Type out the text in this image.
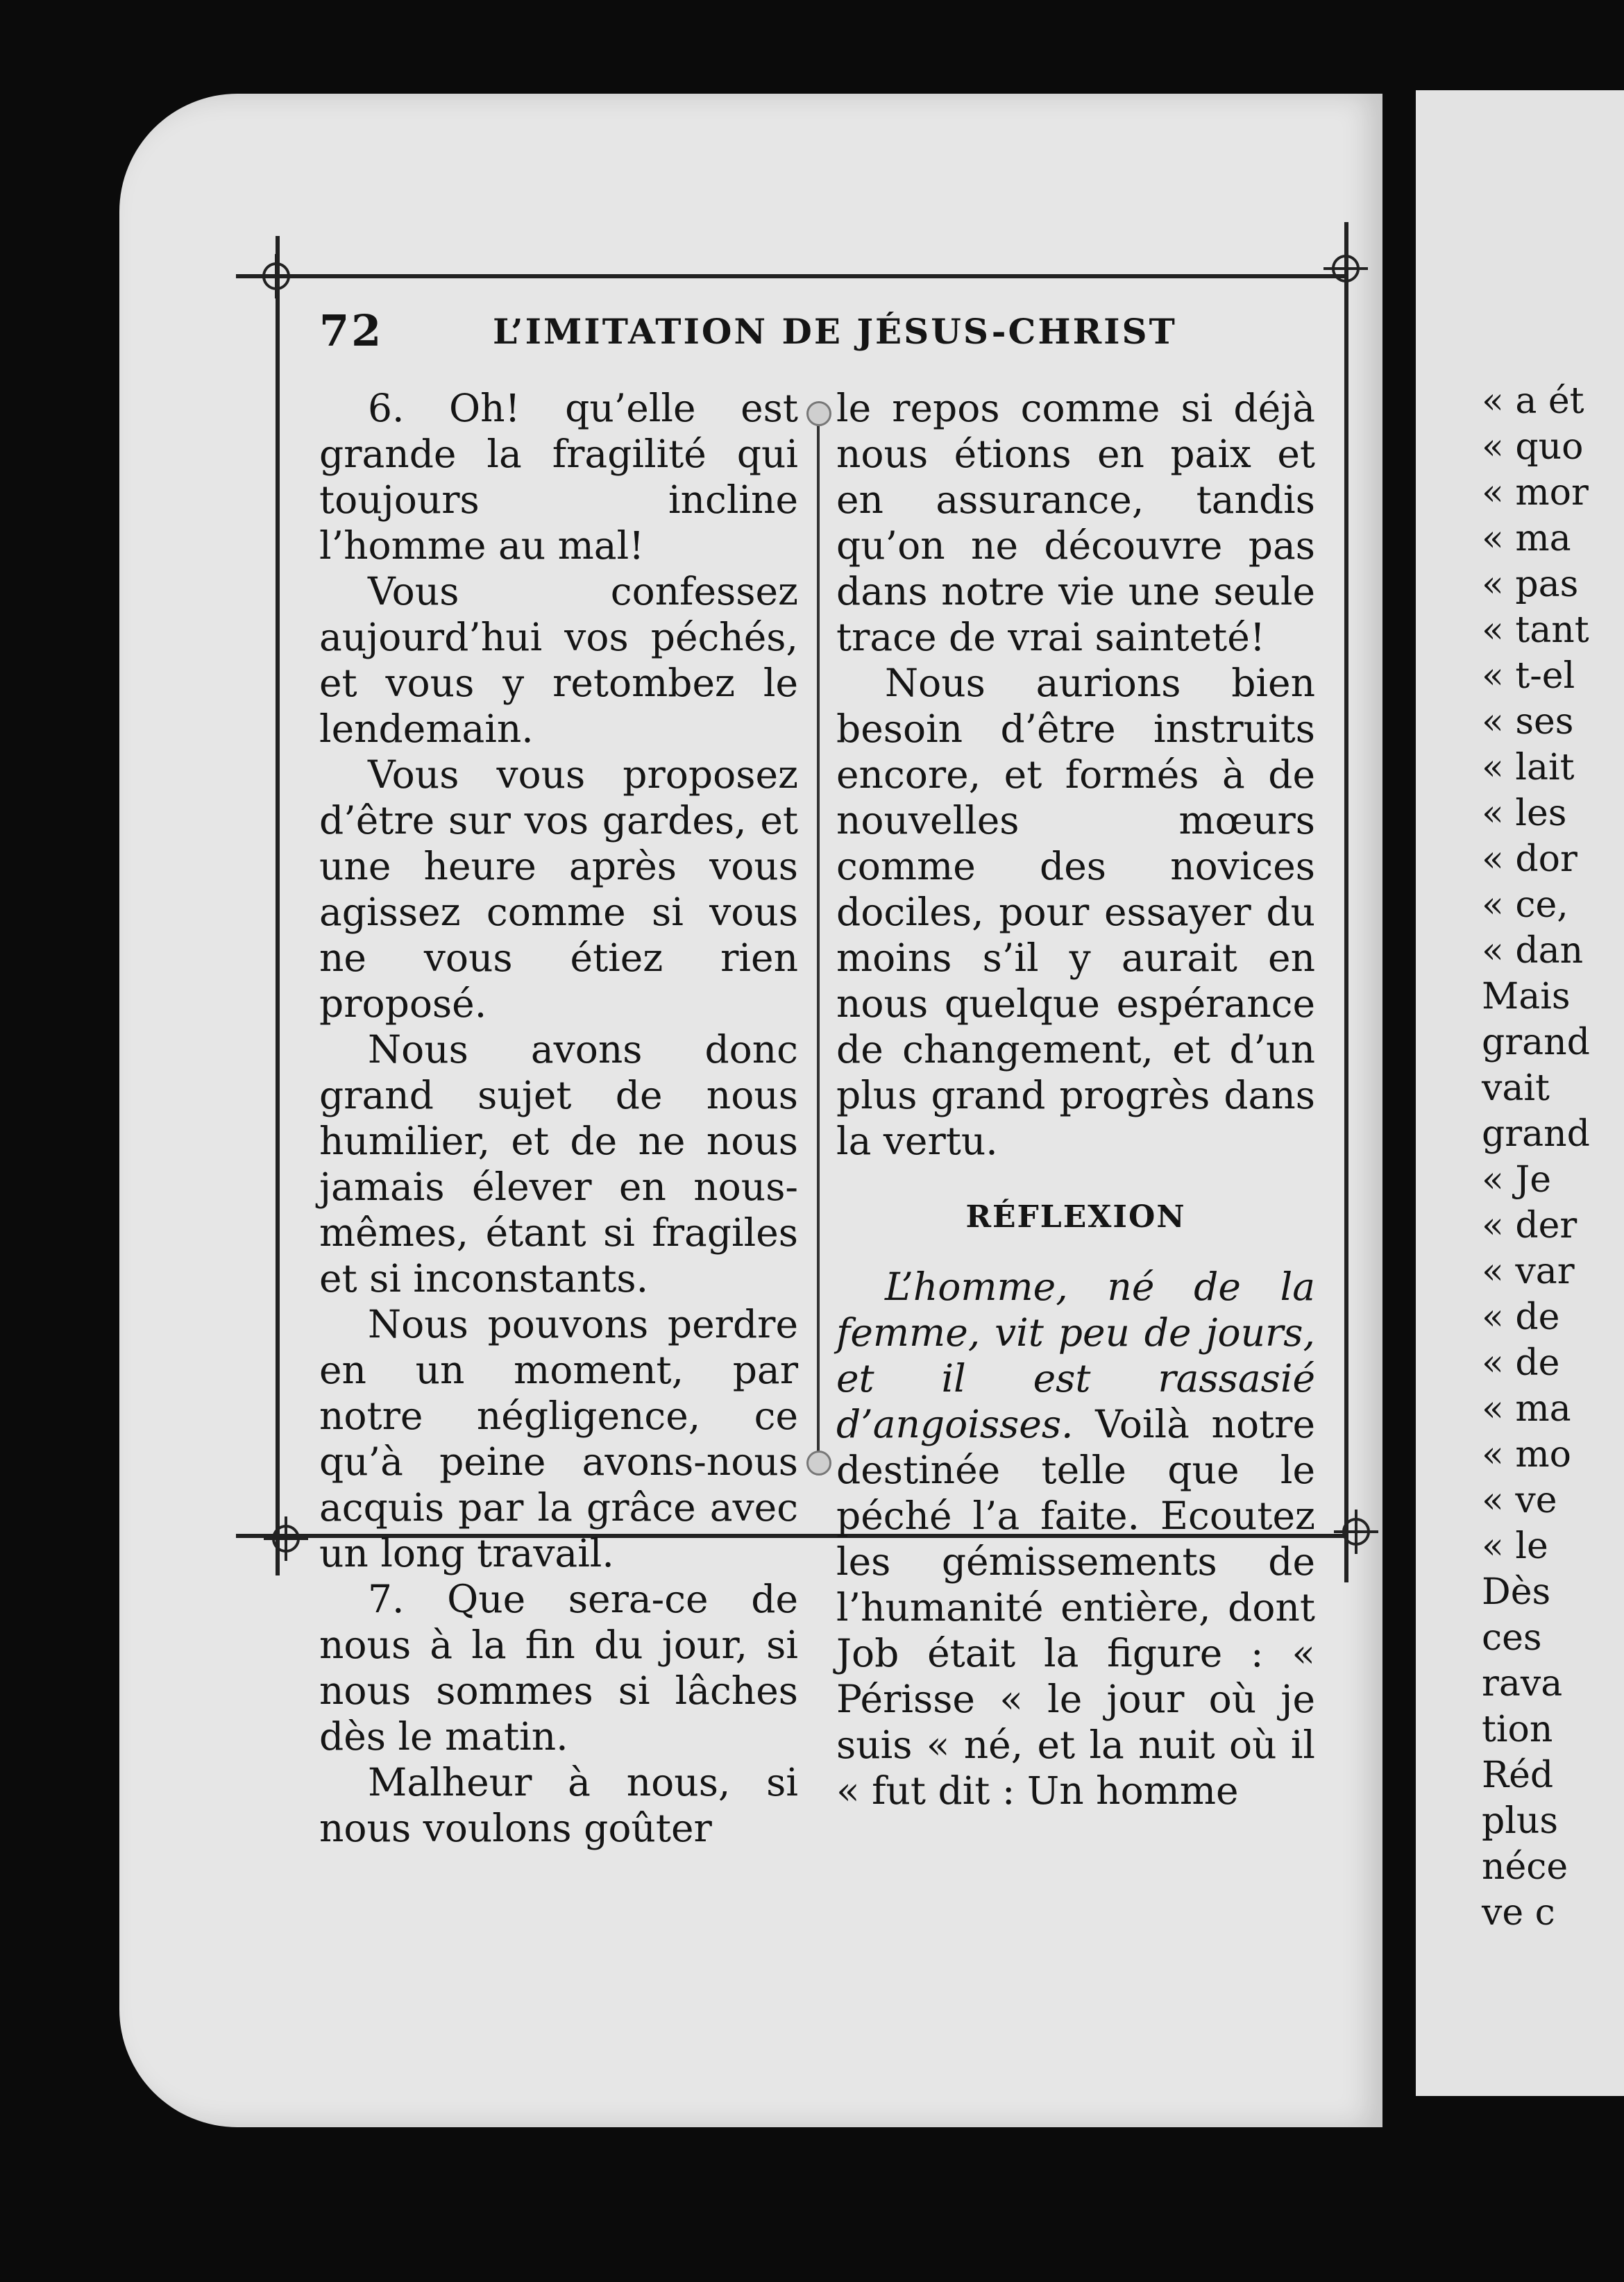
72	L’IMITATION DE JÉSUS-CHRIST

6. Oh! qu’elle est grande la fragilité qui toujours incline l’homme au mal!

Vous confessez aujourd’hui vos péchés, et vous y retombez le lendemain.

Vous vous proposez d’être sur vos gardes, et une heure après vous agissez comme si vous ne vous étiez rien proposé.

Nous avons donc grand sujet de nous humilier, et de ne nous jamais élever en nous-mêmes, étant si fragiles et si inconstants.

Nous pouvons perdre en un moment, par notre négligence, ce qu’à peine avons-nous acquis par la grâce avec un long travail.

7. Que sera-ce de nous à la fin du jour, si nous sommes si lâches dès le matin.

Malheur à nous, si nous voulons goûter

le repos comme si déjà nous étions en paix et en assurance, tandis qu’on ne découvre pas dans notre vie une seule trace de vrai sainteté!

Nous aurions bien besoin d’être instruits encore, et formés à de nouvelles mœurs comme des novices dociles, pour essayer du moins s’il y aurait en nous quelque espérance de changement, et d’un plus grand progrès dans la vertu.

RÉFLEXION

L’homme, né de la femme, vit peu de jours, et il est rassasié d’angoisses. Voilà notre destinée telle que le péché l’a faite. Ecoutez les gémissements de l’humanité entière, dont Job était la figure : « Périsse « le jour où je suis « né, et la nuit où il « fut dit : Un homme

« a ét
« quo
« mor
« ma
« pas
« tant
« t-el
« ses
« lait
« les
« dor
« ce,
« dan
Mais
grand
vait
grand
« Je
« der
« var
« de
« de
« ma
« mo
« ve
« le
Dès
ces
rava
tion
Réd
plus
néce
ve c
